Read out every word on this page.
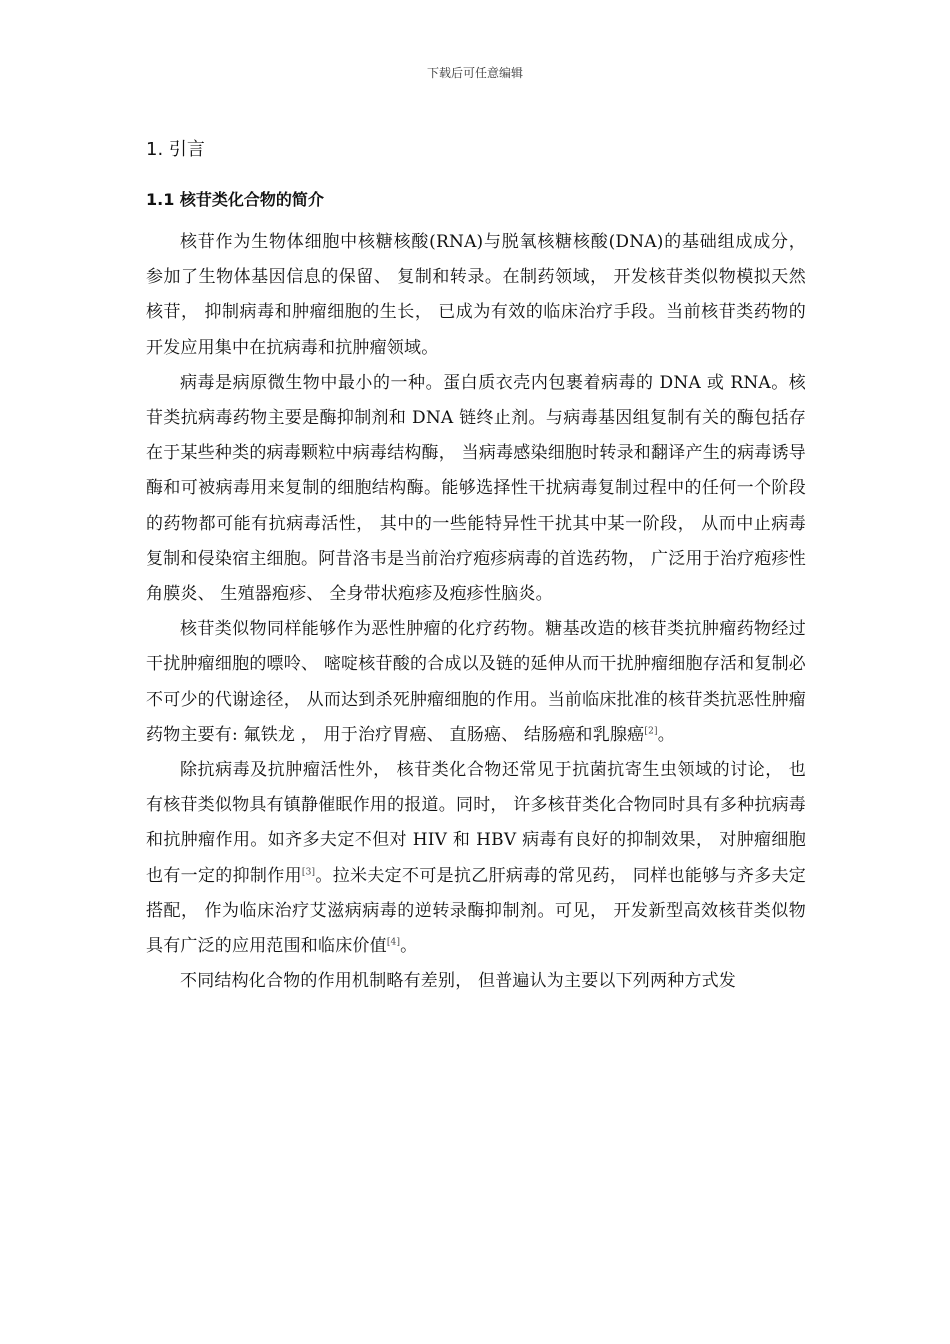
下载后可任意编辑
1. 引言
1.1 核苷类化合物的简介

核苷作为生物体细胞中核糖核酸(RNA)与脱氧核糖核酸(DNA)的基础组成成分， 参加了生物体基因信息的保留、 复制和转录。在制药领域， 开发核苷类似物模拟天然核苷， 抑制病毒和肿瘤细胞的生长， 已成为有效的临床治疗手段。当前核苷类药物的开发应用集中在抗病毒和抗肿瘤领域。

病毒是病原微生物中最小的一种。蛋白质衣壳内包裹着病毒的 DNA 或 RNA。核苷类抗病毒药物主要是酶抑制剂和 DNA 链终止剂。与病毒基因组复制有关的酶包括存在于某些种类的病毒颗粒中病毒结构酶， 当病毒感染细胞时转录和翻译产生的病毒诱导酶和可被病毒用来复制的细胞结构酶。能够选择性干扰病毒复制过程中的任何一个阶段的药物都可能有抗病毒活性， 其中的一些能特异性干扰其中某一阶段， 从而中止病毒复制和侵染宿主细胞。阿昔洛韦是当前治疗疱疹病毒的首选药物， 广泛用于治疗疱疹性角膜炎、 生殖器疱疹、 全身带状疱疹及疱疹性脑炎。

核苷类似物同样能够作为恶性肿瘤的化疗药物。糖基改造的核苷类抗肿瘤药物经过干扰肿瘤细胞的嘌呤、 嘧啶核苷酸的合成以及链的延伸从而干扰肿瘤细胞存活和复制必不可少的代谢途径， 从而达到杀死肿瘤细胞的作用。当前临床批准的核苷类抗恶性肿瘤药物主要有: 氟铁龙 ， 用于治疗胃癌、 直肠癌、 结肠癌和乳腺癌[2]。

除抗病毒及抗肿瘤活性外， 核苷类化合物还常见于抗菌抗寄生虫领域的讨论， 也有核苷类似物具有镇静催眠作用的报道。同时， 许多核苷类化合物同时具有多种抗病毒和抗肿瘤作用。如齐多夫定不但对 HIV 和 HBV 病毒有良好的抑制效果， 对肿瘤细胞也有一定的抑制作用[3]。拉米夫定不可是抗乙肝病毒的常见药， 同样也能够与齐多夫定搭配， 作为临床治疗艾滋病病毒的逆转录酶抑制剂。可见， 开发新型高效核苷类似物具有广泛的应用范围和临床价值[4]。

不同结构化合物的作用机制略有差别， 但普遍认为主要以下列两种方式发
